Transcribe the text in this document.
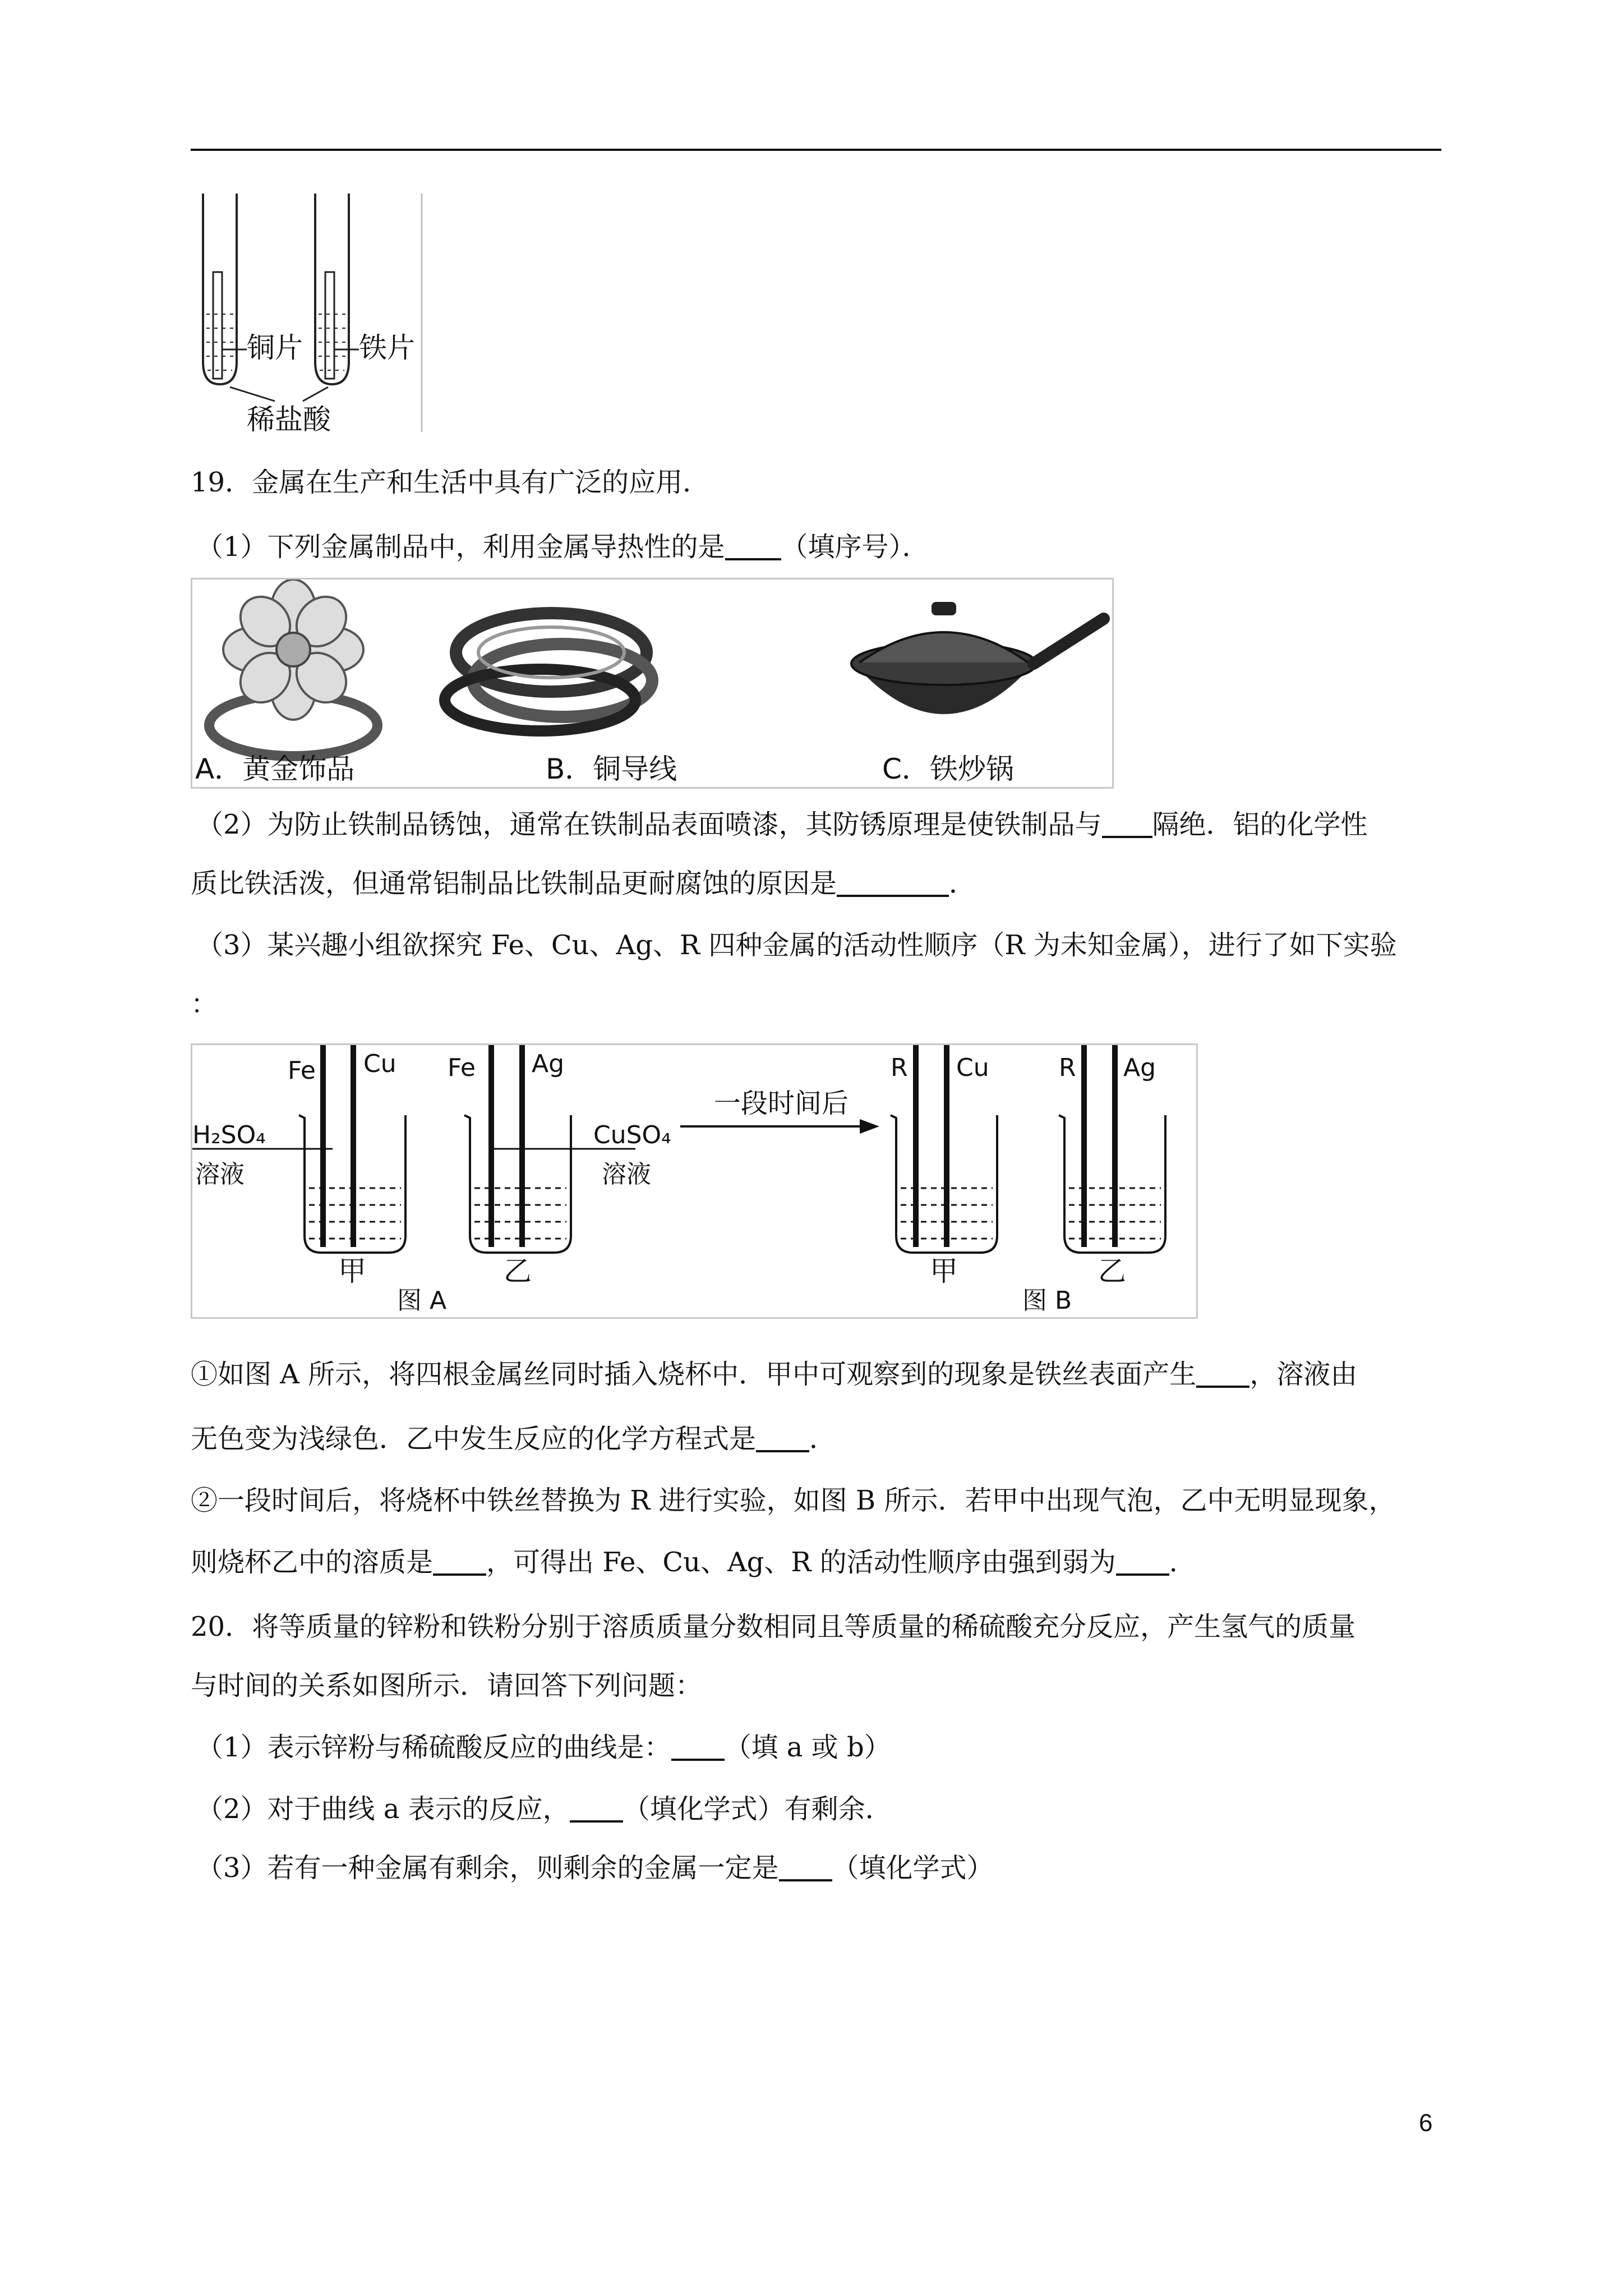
铜片 铁片
稀盐酸
19．金属在生产和生活中具有广泛的应用．
（1）下列金属制品中，利用金属导热性的是 （填序号）．
A．黄金饰品	B．铜导线	C．铁炒锅
（2）为防止铁制品锈蚀，通常在铁制品表面喷漆，其防锈原理是使铁制品与 隔绝．铝的化学性
质比铁活泼，但通常铝制品比铁制品更耐腐蚀的原因是	．
（3）某兴趣小组欲探究 Fe、Cu、Ag、R 四种金属的活动性顺序（R 为未知金属），进行了如下实验
：
Fe Cu Fe Ag
H₂SO₄
溶液
CuSO₄
溶液
一段时间后
R Cu	R Ag
甲	乙	甲	乙
图 A	图 B
①如图 A 所示，将四根金属丝同时插入烧杯中．甲中可观察到的现象是铁丝表面产生 ，溶液由
无色变为浅绿色．乙中发生反应的化学方程式是 ．
②一段时间后，将烧杯中铁丝替换为 R 进行实验，如图 B 所示．若甲中出现气泡，乙中无明显现象，
则烧杯乙中的溶质是 ，可得出 Fe、Cu、Ag、R 的活动性顺序由强到弱为 ．
20．将等质量的锌粉和铁粉分别于溶质质量分数相同且等质量的稀硫酸充分反应，产生氢气的质量
与时间的关系如图所示．请回答下列问题：
（1）表示锌粉与稀硫酸反应的曲线是： （填 a 或 b）
（2）对于曲线 a 表示的反应， （填化学式）有剩余．
（3）若有一种金属有剩余，则剩余的金属一定是 （填化学式）
6
